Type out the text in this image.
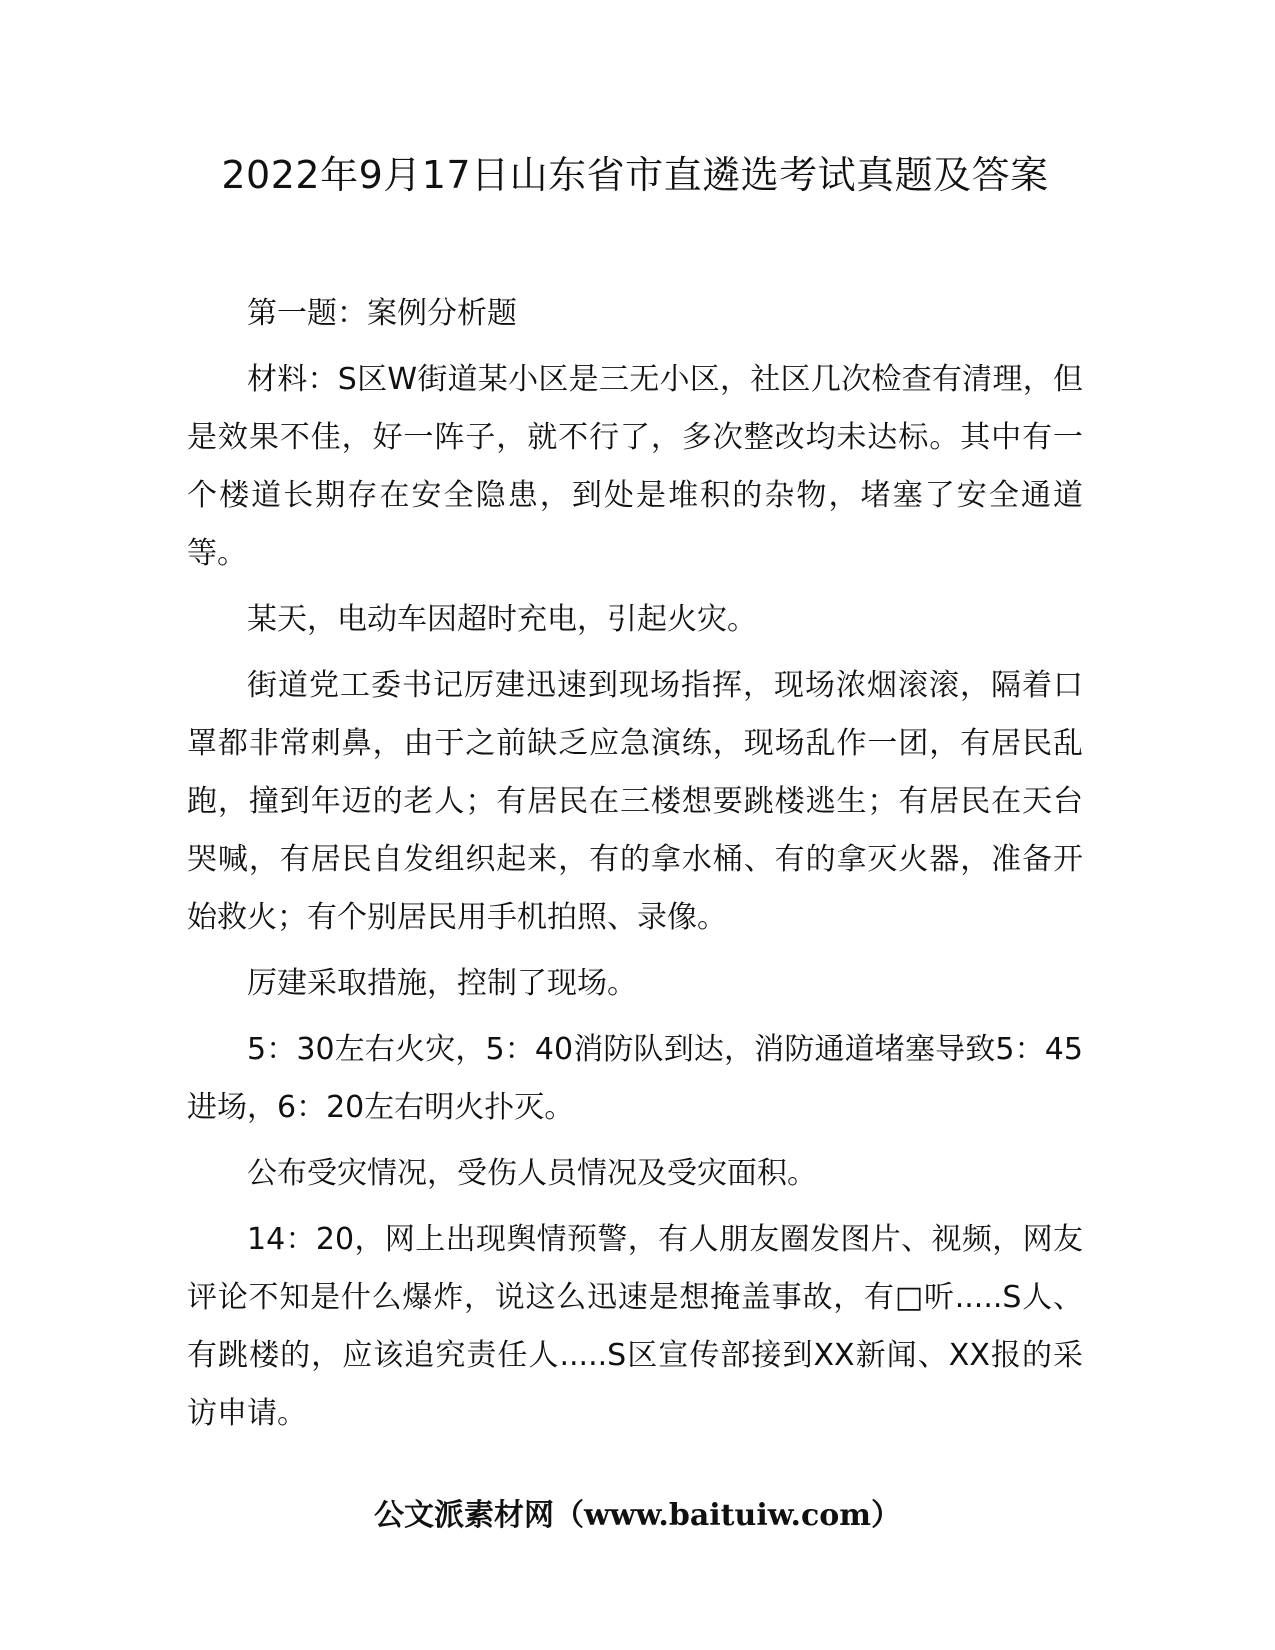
2022年9月17日山东省市直遴选考试真题及答案

第一题：案例分析题

材料：S区W街道某小区是三无小区，社区几次检查有清理，但是效果不佳，好一阵子，就不行了，多次整改均未达标。其中有一个楼道长期存在安全隐患，到处是堆积的杂物，堵塞了安全通道等。

某天，电动车因超时充电，引起火灾。

街道党工委书记厉建迅速到现场指挥，现场浓烟滚滚，隔着口罩都非常刺鼻，由于之前缺乏应急演练，现场乱作一团，有居民乱跑，撞到年迈的老人；有居民在三楼想要跳楼逃生；有居民在天台哭喊，有居民自发组织起来，有的拿水桶、有的拿灭火器，准备开始救火；有个别居民用手机拍照、录像。

厉建采取措施，控制了现场。

5：30左右火灾，5：40消防队到达，消防通道堵塞导致5：45进场，6：20左右明火扑灭。

公布受灾情况，受伤人员情况及受灾面积。

14：20，网上出现舆情预警，有人朋友圈发图片、视频，网友评论不知是什么爆炸，说这么迅速是想掩盖事故，有□听.....S人、有跳楼的，应该追究责任人.....S区宣传部接到XX新闻、XX报的采访申请。

公文派素材网（www.baituiw.com）
